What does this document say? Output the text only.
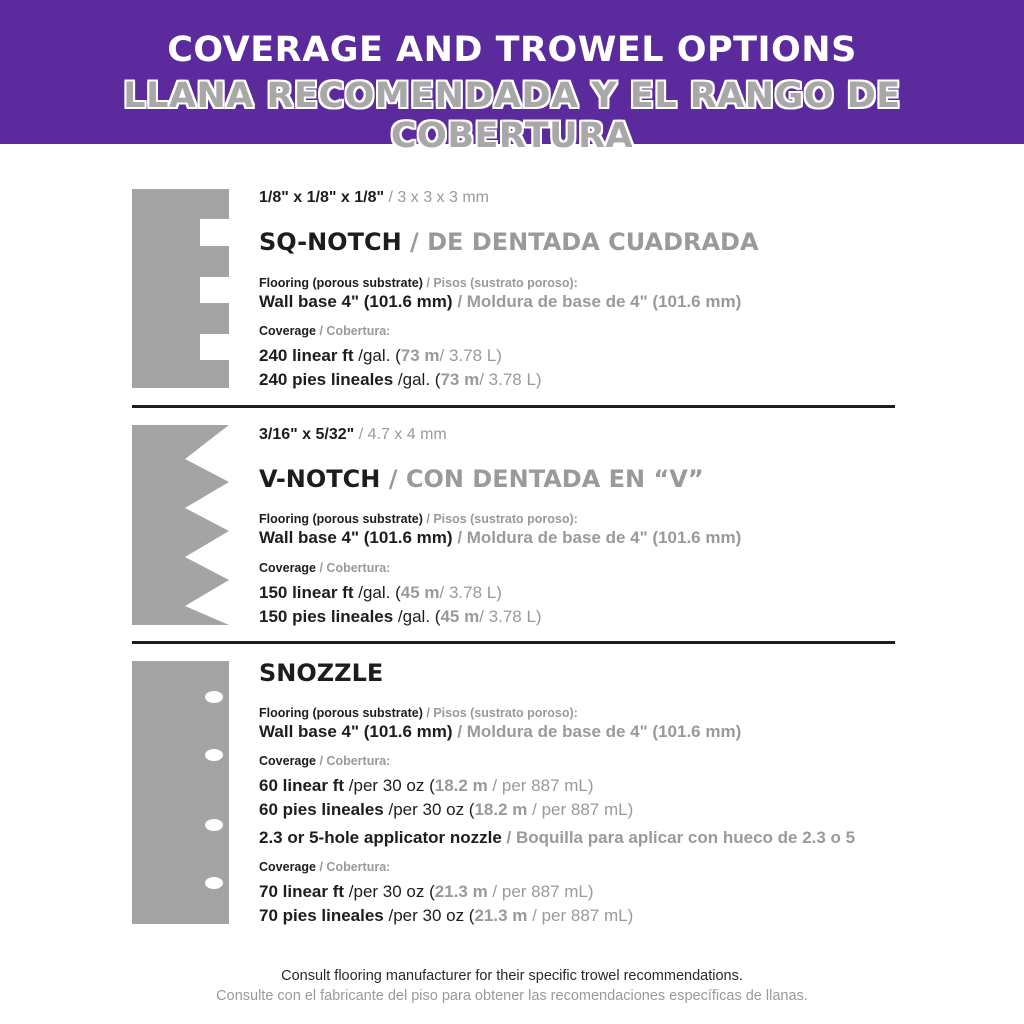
COVERAGE AND TROWEL OPTIONS
LLANA RECOMENDADA Y EL RANGO DE COBERTURA
1/8" x 1/8" x 1/8" / 3 x 3 x 3 mm
SQ-NOTCH / DE DENTADA CUADRADA
Flooring (porous substrate) / Pisos (sustrato poroso):
Wall base 4" (101.6 mm) / Moldura de base de 4" (101.6 mm)
Coverage / Cobertura:
240 linear ft /gal. (73 m/ 3.78 L)
240 pies lineales /gal. (73 m/ 3.78 L)
3/16" x 5/32" / 4.7 x 4 mm
V-NOTCH / CON DENTADA EN “V”
Flooring (porous substrate) / Pisos (sustrato poroso):
Wall base 4" (101.6 mm) / Moldura de base de 4" (101.6 mm)
Coverage / Cobertura:
150 linear ft /gal. (45 m/ 3.78 L)
150 pies lineales /gal. (45 m/ 3.78 L)
SNOZZLE
Flooring (porous substrate) / Pisos (sustrato poroso):
Wall base 4" (101.6 mm) / Moldura de base de 4" (101.6 mm)
Coverage / Cobertura:
60 linear ft /per 30 oz (18.2 m / per 887 mL)
60 pies lineales /per 30 oz (18.2 m / per 887 mL)
2.3 or 5-hole applicator nozzle / Boquilla para aplicar con hueco de 2.3 o 5
Coverage / Cobertura:
70 linear ft /per 30 oz (21.3 m / per 887 mL)
70 pies lineales /per 30 oz (21.3 m / per 887 mL)
Consult flooring manufacturer for their specific trowel recommendations.
Consulte con el fabricante del piso para obtener las recomendaciones específicas de llanas.
